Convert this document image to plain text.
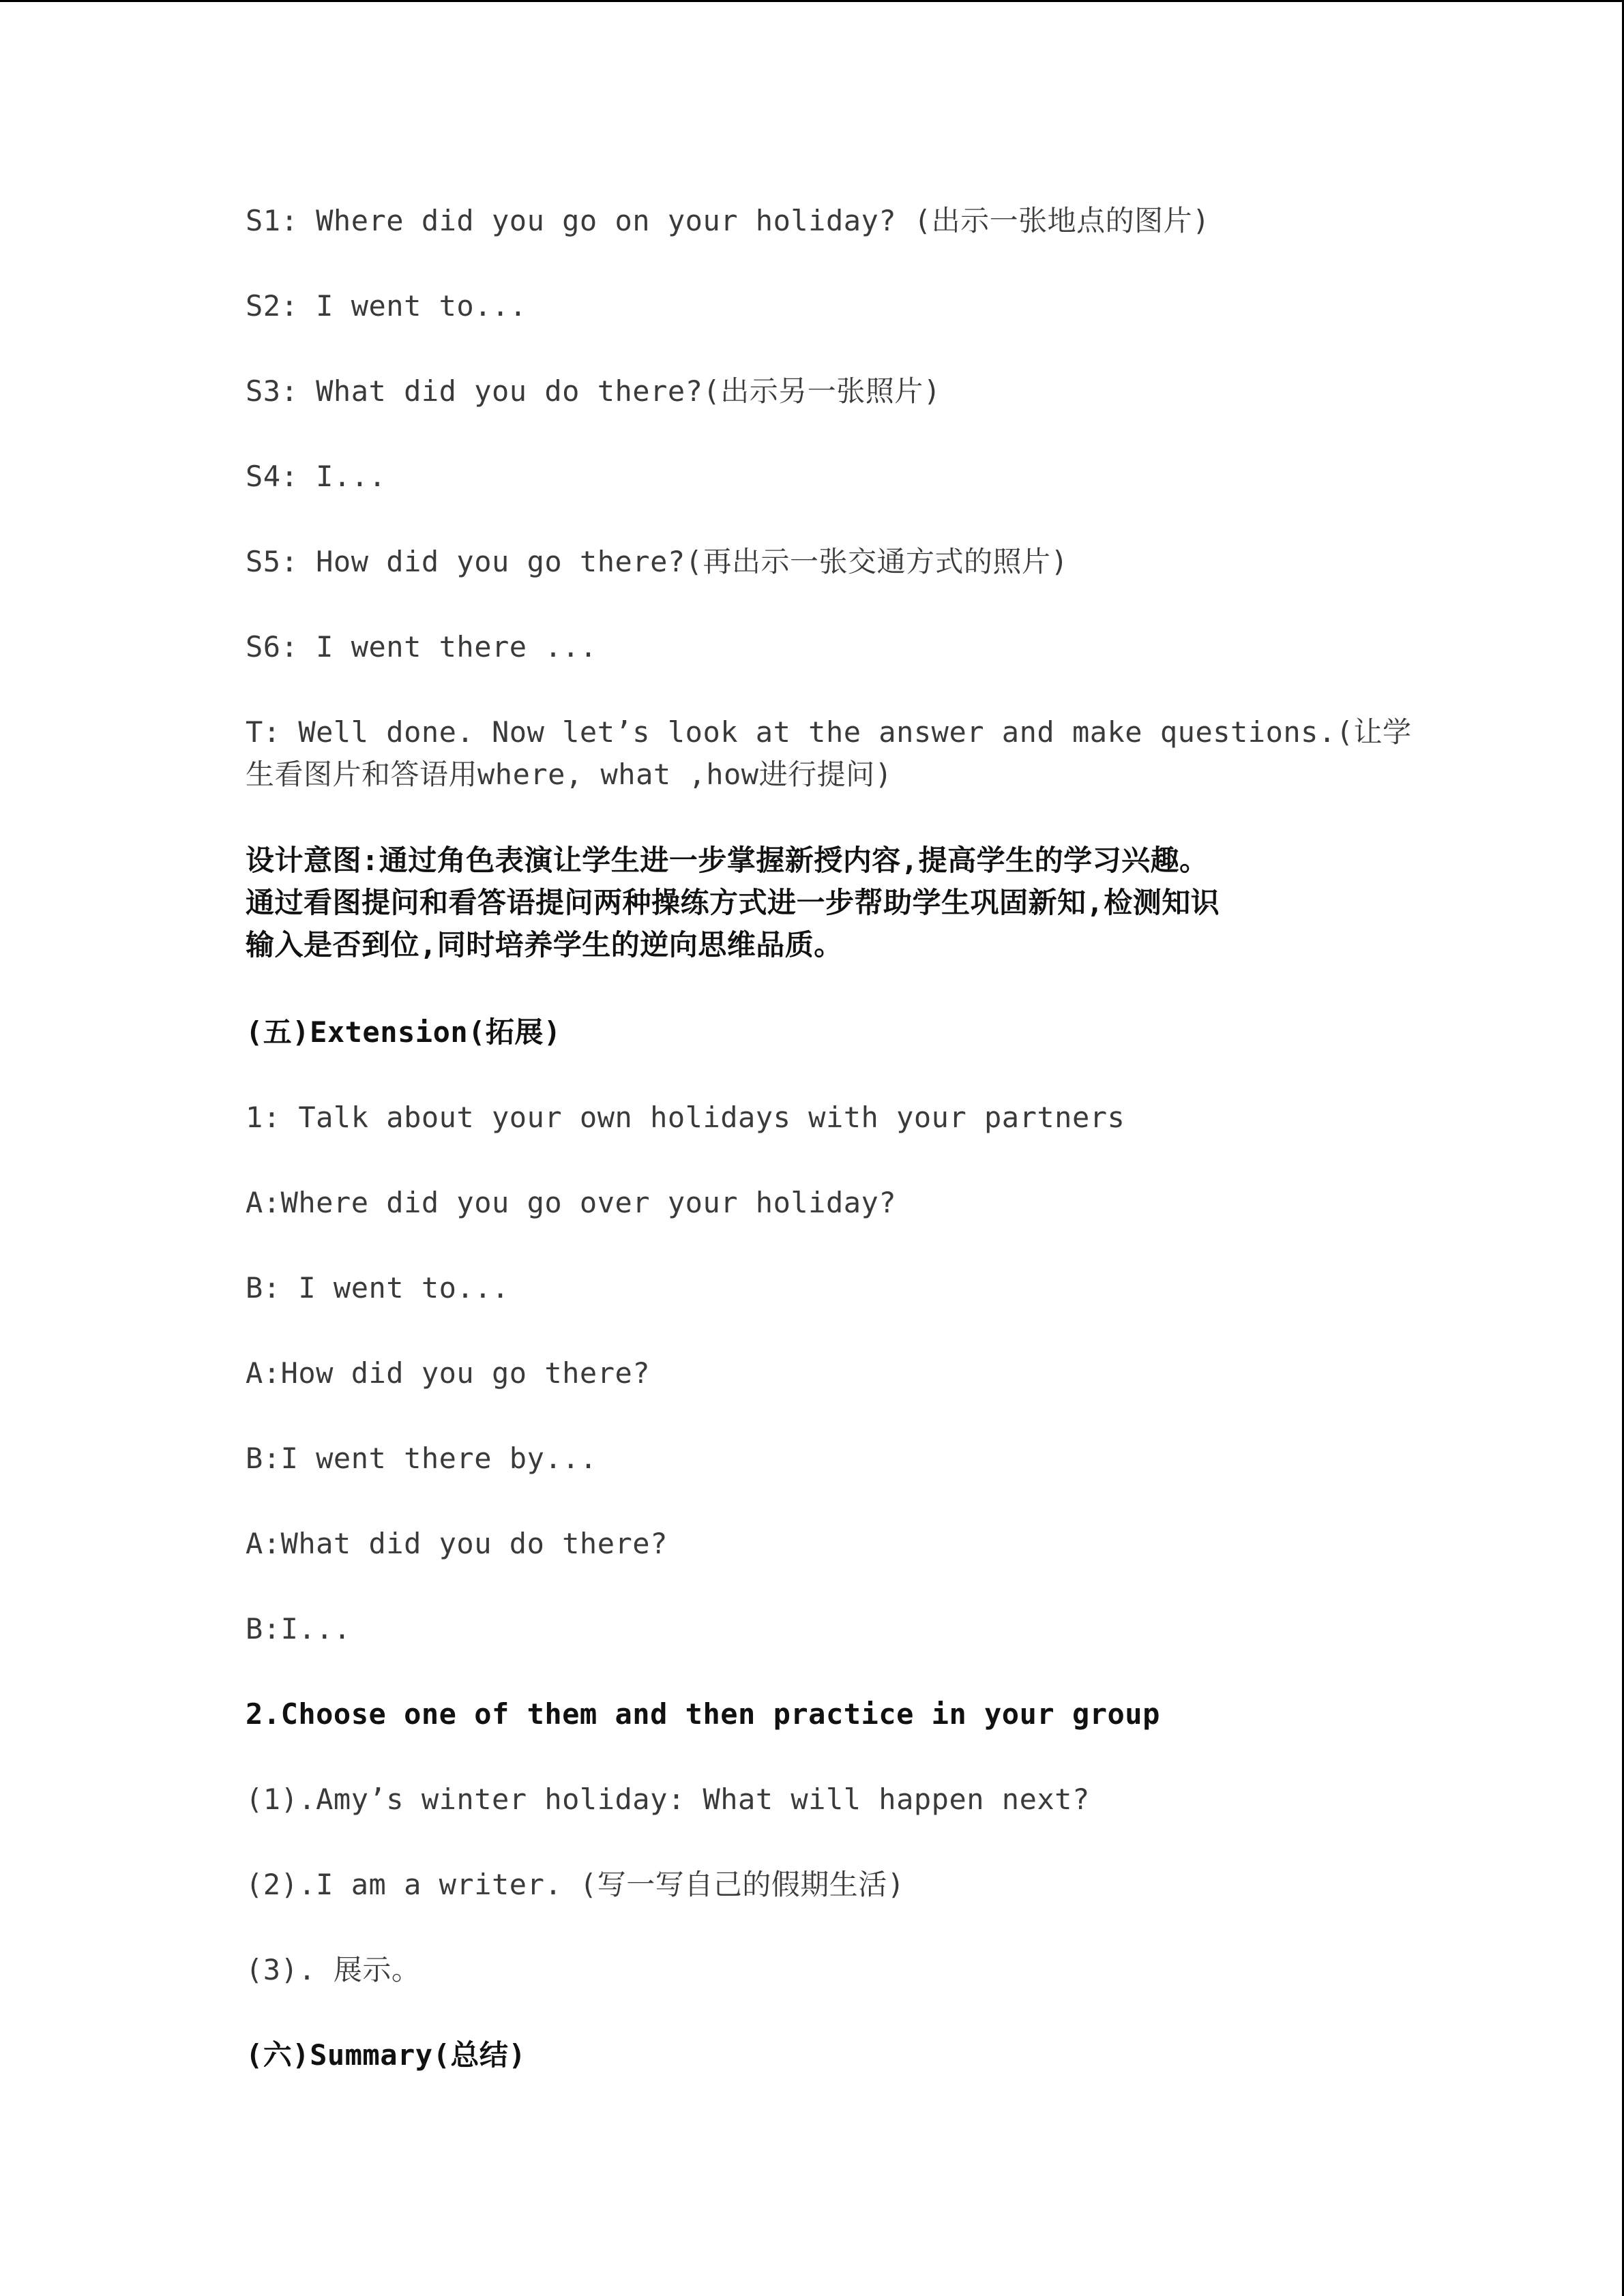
S1: Where did you go on your holiday? (出示一张地点的图片)
S2: I went to...
S3: What did you do there?(出示另一张照片)
S4: I...
S5: How did you go there?(再出示一张交通方式的照片)
S6: I went there ...
T: Well done. Now let’s look at the answer and make questions.(让学
生看图片和答语用where, what ,how进行提问)
设计意图:通过角色表演让学生进一步掌握新授内容,提高学生的学习兴趣。
通过看图提问和看答语提问两种操练方式进一步帮助学生巩固新知,检测知识
输入是否到位,同时培养学生的逆向思维品质。
(五)Extension(拓展)
1: Talk about your own holidays with your partners
A:Where did you go over your holiday?
B: I went to...
A:How did you go there?
B:I went there by...
A:What did you do there?
B:I...
2.Choose one of them and then practice in your group
(1).Amy’s winter holiday: What will happen next?
(2).I am a writer. (写一写自己的假期生活)
(3). 展示。
(六)Summary(总结)
